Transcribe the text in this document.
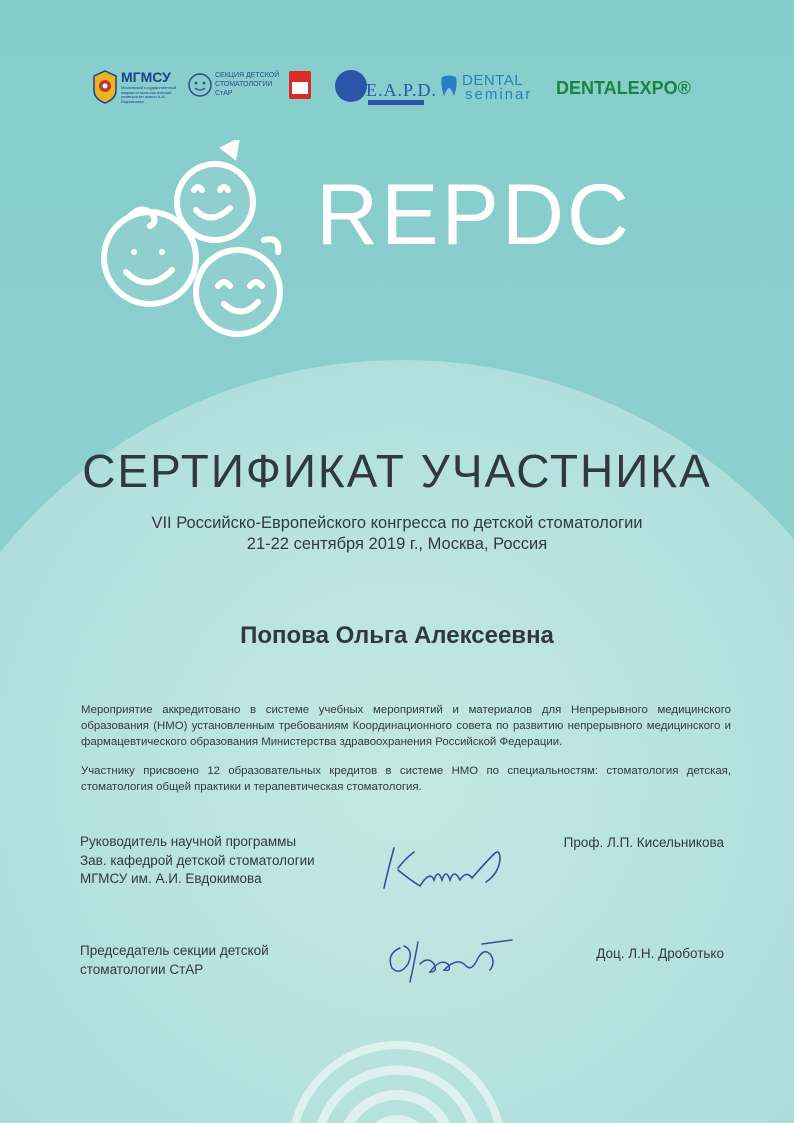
МГМСУ
Московский государственный медико-стоматологический университет имени А.И. Евдокимова
СЕКЦИЯ ДЕТСКОЙ
СТОМАТОЛОГИИ
СтАР	E.A.P.D. DENTAL
seminar DENTALEXPO®
REPDC
СЕРТИФИКАТ УЧАСТНИКА
VII Российско-Европейского конгресса по детской стоматологии
21-22 сентября 2019 г., Москва, Россия
Попова Ольга Алексеевна
Мероприятие аккредитовано в системе учебных мероприятий и материалов для Непрерывного медицинского образования (НМО) установленным требованиям Координационного совета по развитию непрерывного медицинского и фармацевтического образования Министерства здравоохранения Российской Федерации.
Участнику присвоено 12 образовательных кредитов в системе НМО по специальностям: стоматология детская, стоматология общей практики и терапевтическая стоматология.
Руководитель научной программы
Зав. кафедрой детской стоматологии
МГМСУ им. А.И. Евдокимова
Проф. Л.П. Кисельникова
Председатель секции детской
стоматологии СтАР
Доц. Л.Н. Дроботько
